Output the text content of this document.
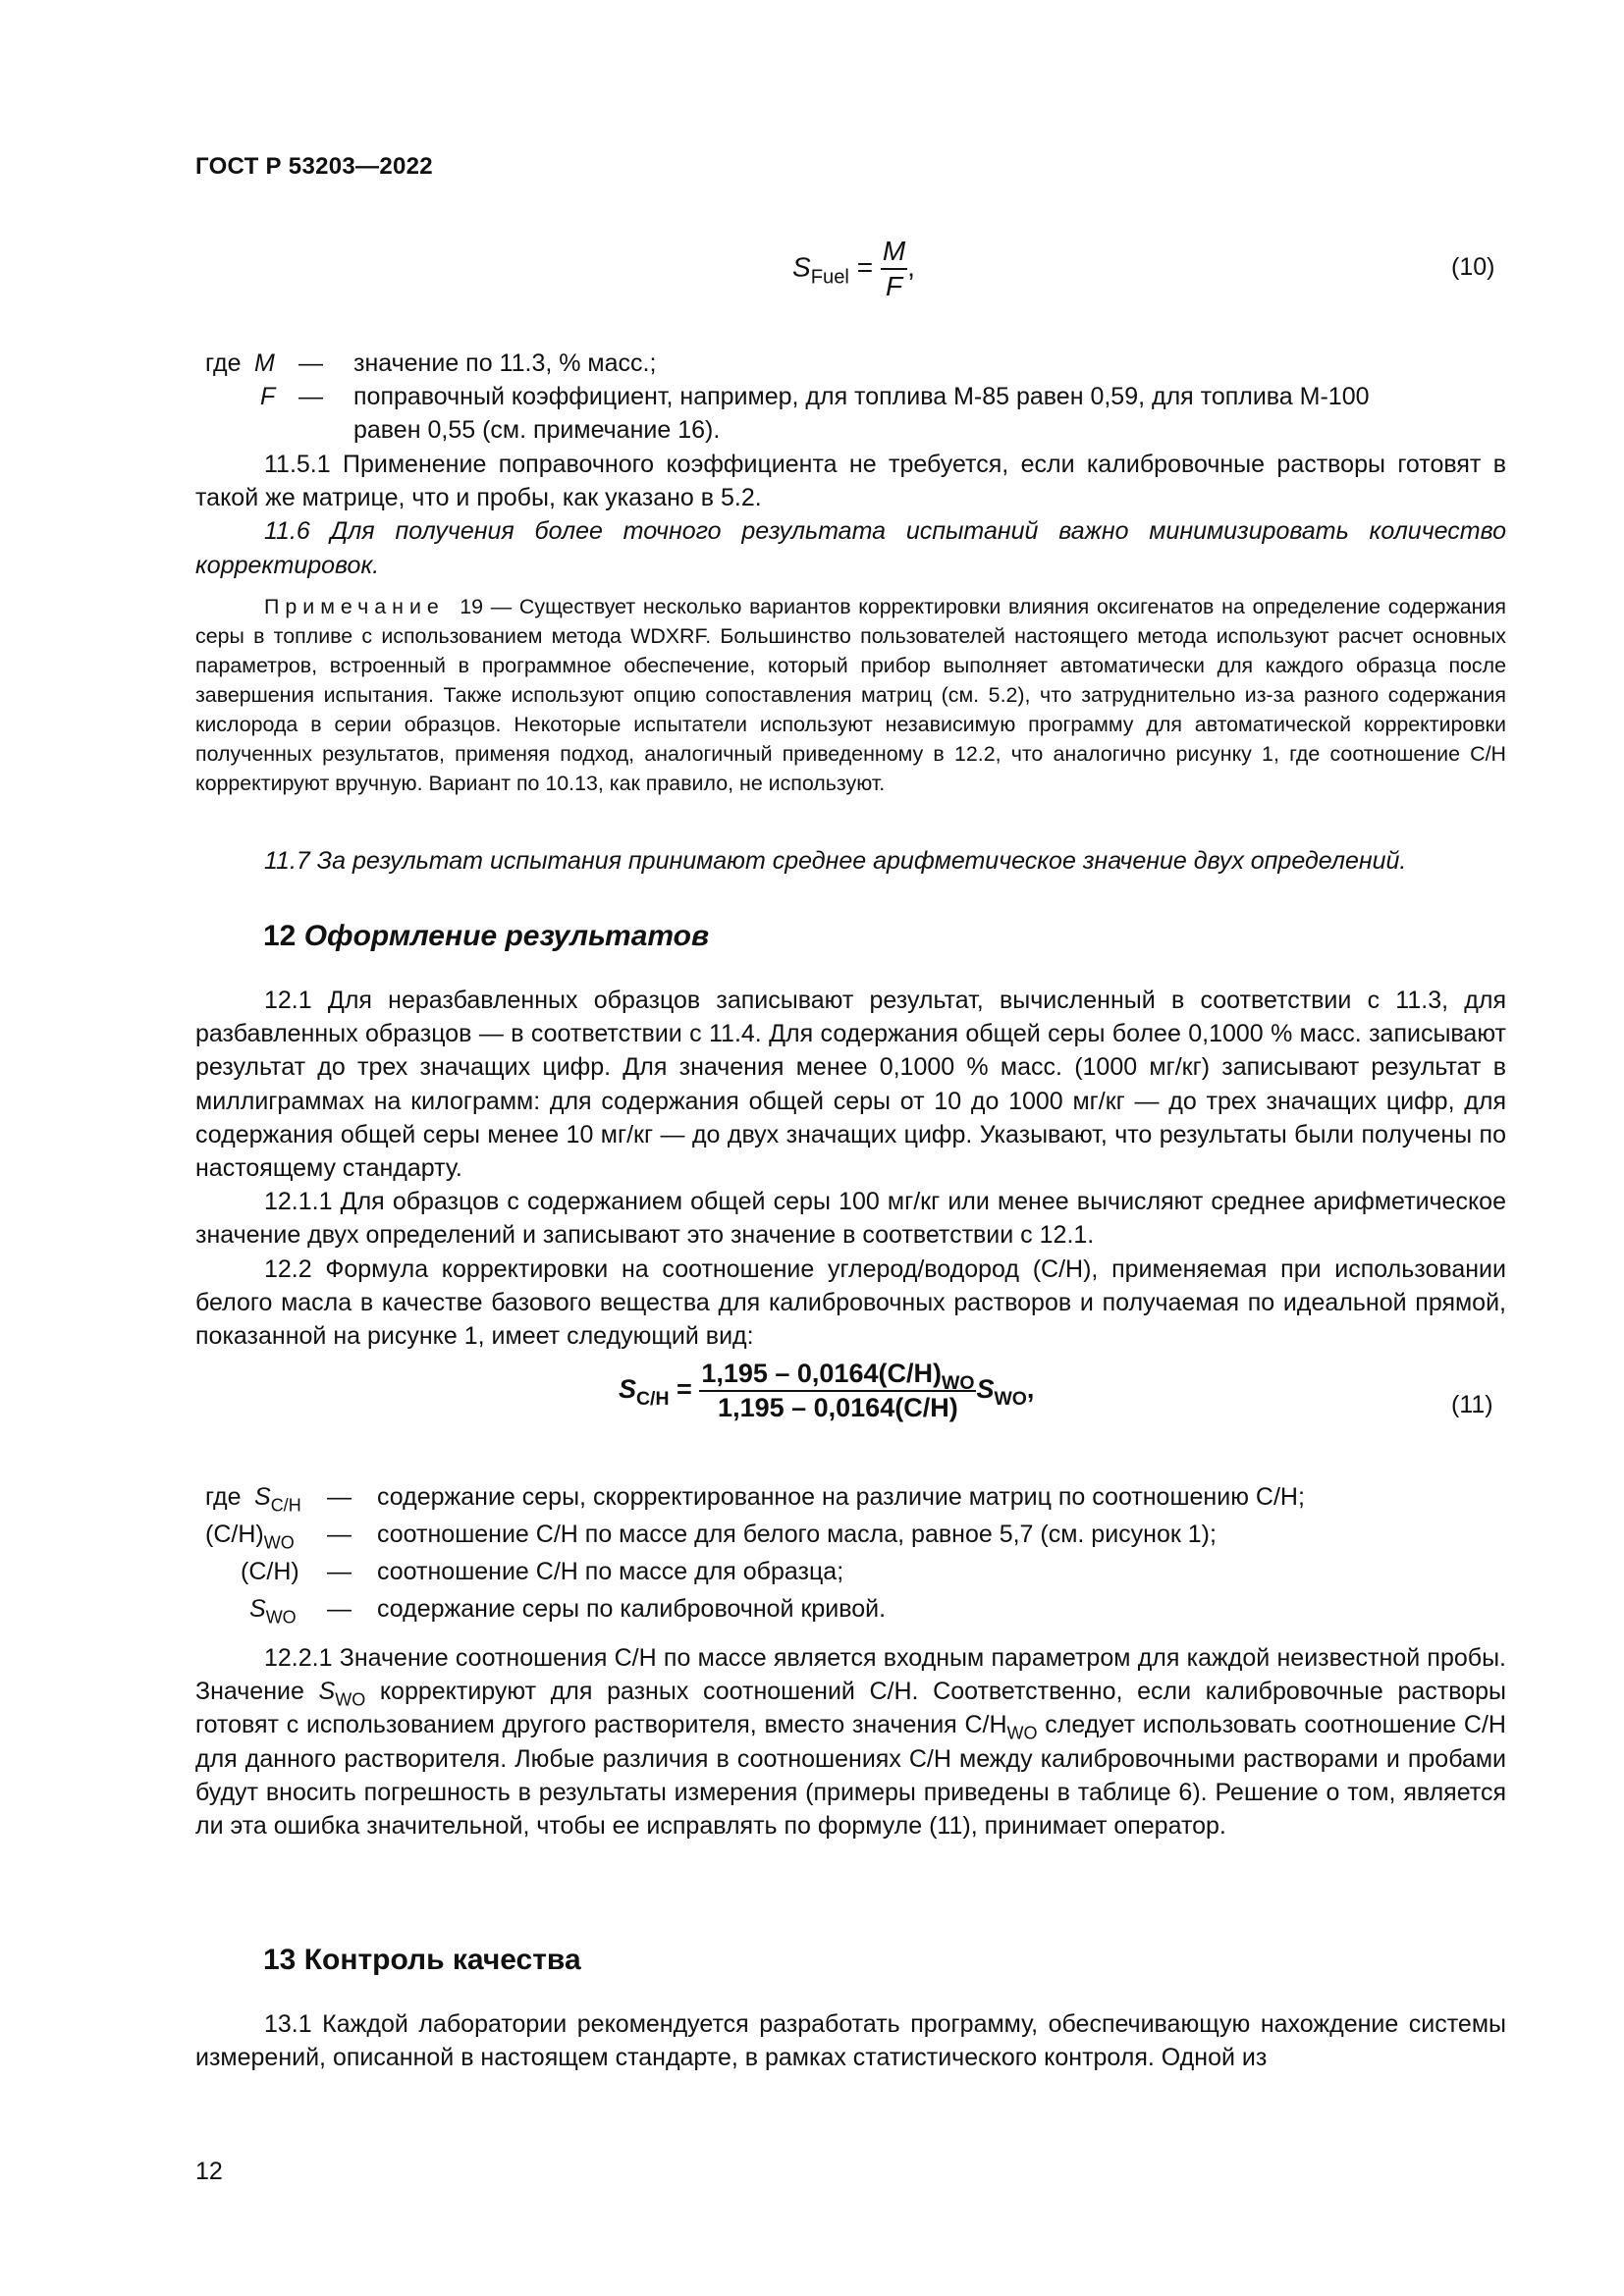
ГОСТ Р 53203—2022
$S_{Fuel} = \frac{M}{F}$ ,	(10)
где M — значение по 11.3, % масс.;
F — поправочный коэффициент, например, для топлива М-85 равен 0,59, для топлива М-100
равен 0,55 (см. примечание 16).

11.5.1 Применение поправочного коэффициента не требуется, если калибровочные растворы готовят в такой же матрице, что и пробы, как указано в 5.2.

11.6 Для получения более точного результата испытаний важно минимизировать количество корректировок.

Примечание 19 — Существует несколько вариантов корректировки влияния оксигенатов на определение содержания серы в топливе с использованием метода WDXRF. Большинство пользователей настоящего метода используют расчет основных параметров, встроенный в программное обеспечение, который прибор выполняет автоматически для каждого образца после завершения испытания. Также используют опцию сопоставления матриц (см. 5.2), что затруднительно из-за разного содержания кислорода в серии образцов. Некоторые испытатели используют независимую программу для автоматической корректировки полученных результатов, применяя подход, аналогичный приведенному в 12.2, что аналогично рисунку 1, где соотношение С/Н корректируют вручную. Вариант по 10.13, как правило, не используют.

11.7 За результат испытания принимают среднее арифметическое значение двух определений.

12 Оформление результатов

12.1 Для неразбавленных образцов записывают результат, вычисленный в соответствии с 11.3, для разбавленных образцов — в соответствии с 11.4. Для содержания общей серы более 0,1000 % масс. записывают результат до трех значащих цифр. Для значения менее 0,1000 % масс. (1000 мг/кг) записывают результат в миллиграммах на килограмм: для содержания общей серы от 10 до 1000 мг/кг — до трех значащих цифр, для содержания общей серы менее 10 мг/кг — до двух значащих цифр. Указывают, что результаты были получены по настоящему стандарту.

12.1.1 Для образцов с содержанием общей серы 100 мг/кг или менее вычисляют среднее арифметическое значение двух определений и записывают это значение в соответствии с 12.1.

12.2 Формула корректировки на соотношение углерод/водород (С/Н), применяемая при использовании белого масла в качестве базового вещества для калибровочных растворов и получаемая по идеальной прямой, показанной на рисунке 1, имеет следующий вид:

$S_{C/H} = \frac{1,195 - 0,0164(C/H)_{WO}}{1,195 - 0,0164(C/H)} S_{WO}$,
(11)
где $S_{C/H}$ — содержание серы, скорректированное на различие матриц по соотношению С/Н;
$(C/H)_{WO}$ — соотношение С/Н по массе для белого масла, равное 5,7 (см. рисунок 1);
(C/H) — соотношение С/Н по массе для образца;
$S_{WO}$ — содержание серы по калибровочной кривой.

12.2.1 Значение соотношения С/Н по массе является входным параметром для каждой неизвестной пробы. Значение $S_{WO}$ корректируют для разных соотношений С/Н. Соответственно, если калибровочные растворы готовят с использованием другого растворителя, вместо значения $С/Н_{WO}$ следует использовать соотношение С/Н для данного растворителя. Любые различия в соотношениях С/Н между калибровочными растворами и пробами будут вносить погрешность в результаты измерения (примеры приведены в таблице 6). Решение о том, является ли эта ошибка значительной, чтобы ее исправлять по формуле (11), принимает оператор.

13 Контроль качества

13.1 Каждой лаборатории рекомендуется разработать программу, обеспечивающую нахождение системы измерений, описанной в настоящем стандарте, в рамках статистического контроля. Одной из

12
